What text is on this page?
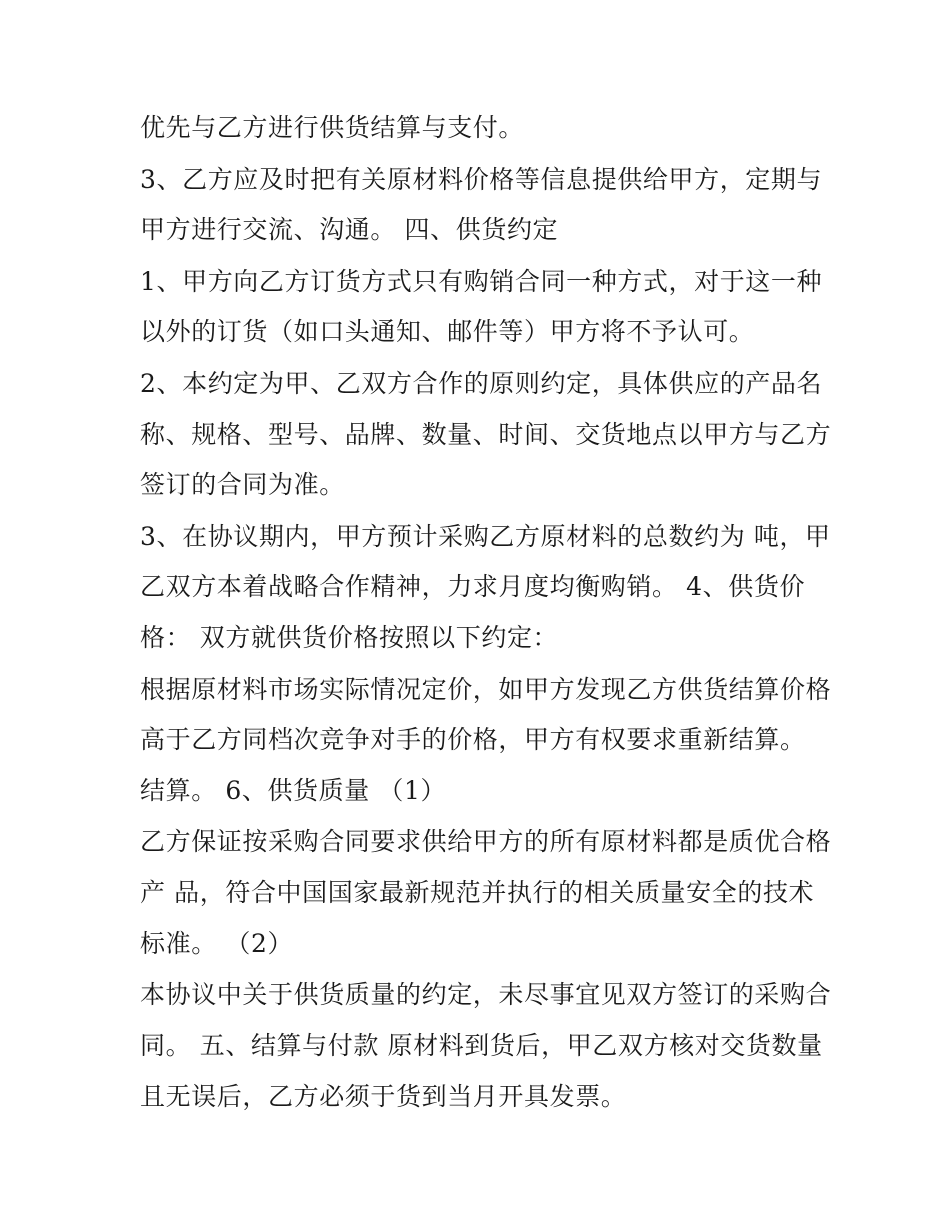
优先与乙方进行供货结算与支付。

3、乙方应及时把有关原材料价格等信息提供给甲方，定期与

甲方进行交流、沟通。 四、供货约定

1、甲方向乙方订货方式只有购销合同一种方式，对于这一种

以外的订货（如口头通知、邮件等）甲方将不予认可。

2、本约定为甲、乙双方合作的原则约定，具体供应的产品名

称、规格、型号、品牌、数量、时间、交货地点以甲方与乙方

签订的合同为准。

3、在协议期内，甲方预计采购乙方原材料的总数约为 吨，甲

乙双方本着战略合作精神，力求月度均衡购销。 4、供货价

格： 双方就供货价格按照以下约定：

根据原材料市场实际情况定价，如甲方发现乙方供货结算价格

高于乙方同档次竞争对手的价格，甲方有权要求重新结算。

结算。 6、供货质量 （1）

乙方保证按采购合同要求供给甲方的所有原材料都是质优合格

产 品，符合中国国家最新规范并执行的相关质量安全的技术

标准。 （2）

本协议中关于供货质量的约定，未尽事宜见双方签订的采购合

同。 五、结算与付款 原材料到货后，甲乙双方核对交货数量

且无误后，乙方必须于货到当月开具发票。
